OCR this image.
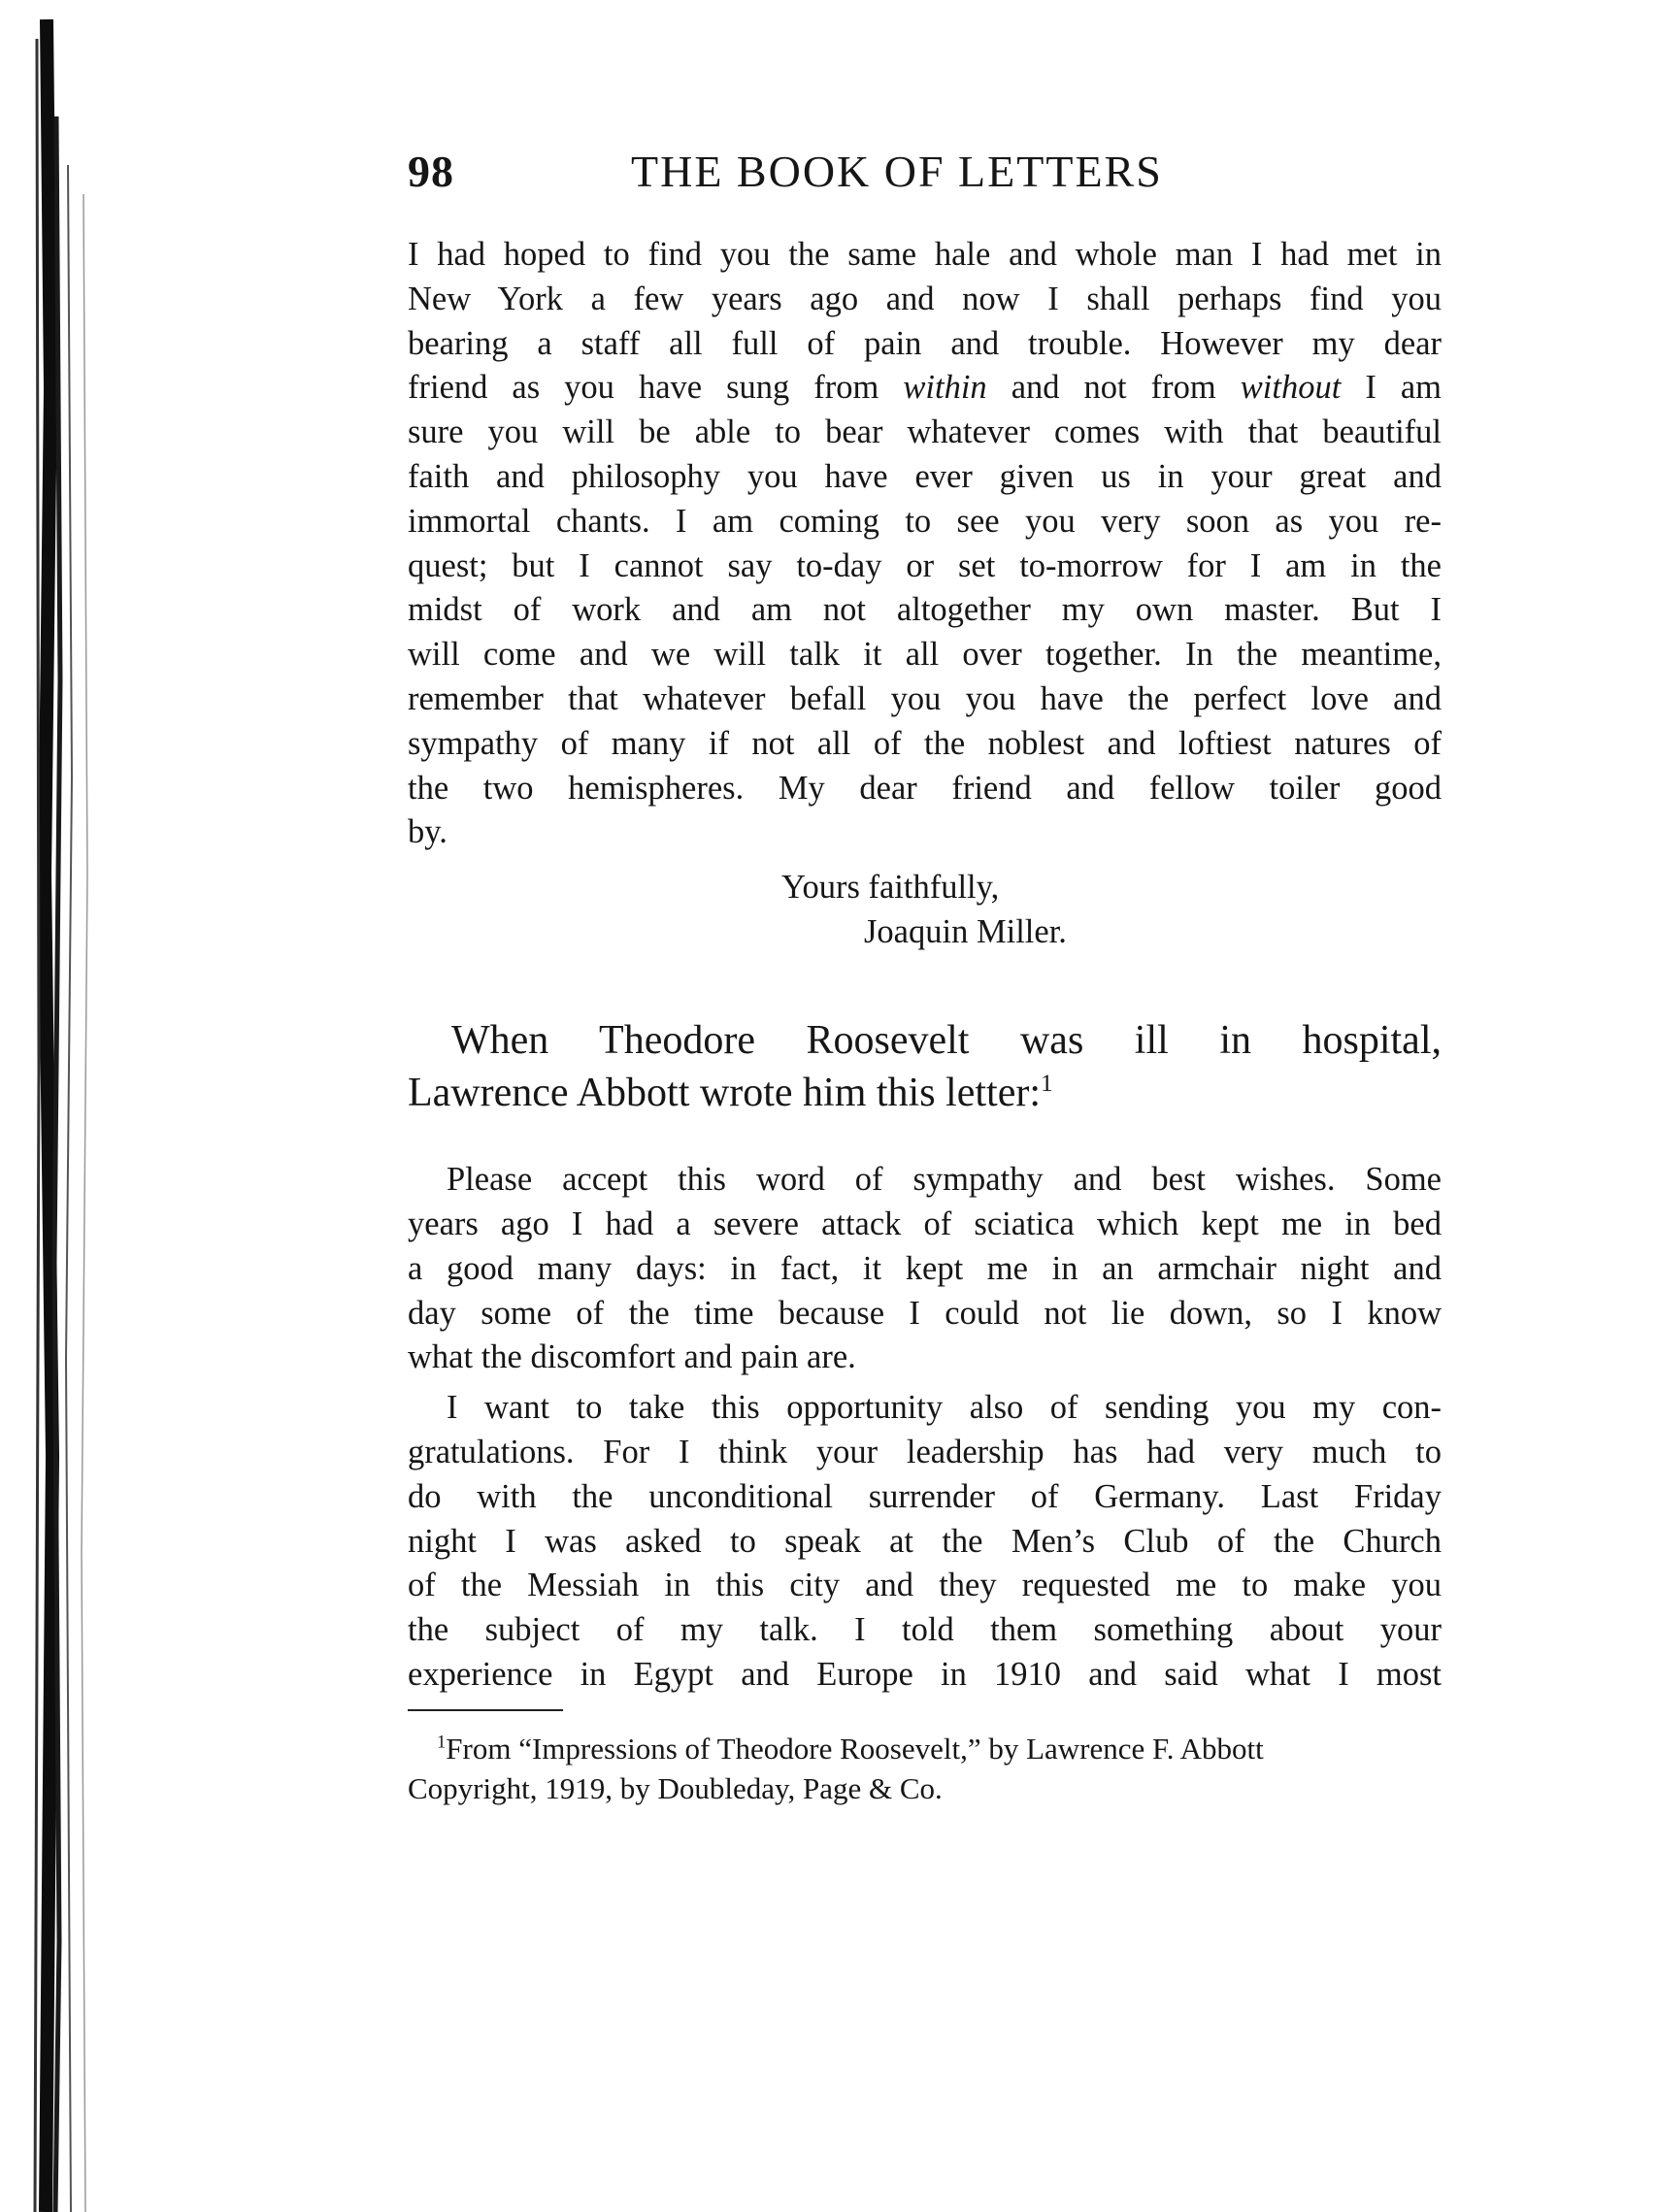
98	THE BOOK OF LETTERS
I had hoped to find you the same hale and whole man I had met in
New York a few years ago and now I shall perhaps find you
bearing a staff all full of pain and trouble. However my dear
friend as you have sung from within and not from without I am
sure you will be able to bear whatever comes with that beautiful
faith and philosophy you have ever given us in your great and
immortal chants. I am coming to see you very soon as you re-
quest; but I cannot say to-day or set to-morrow for I am in the
midst of work and am not altogether my own master. But I
will come and we will talk it all over together. In the meantime,
remember that whatever befall you you have the perfect love and
sympathy of many if not all of the noblest and loftiest natures of
the two hemispheres. My dear friend and fellow toiler good
by.
Yours faithfully,
Joaquin Miller.
When Theodore Roosevelt was ill in hospital,
Lawrence Abbott wrote him this letter:$^1$
Please accept this word of sympathy and best wishes. Some
years ago I had a severe attack of sciatica which kept me in bed
a good many days: in fact, it kept me in an armchair night and
day some of the time because I could not lie down, so I know
what the discomfort and pain are.
I want to take this opportunity also of sending you my con-
gratulations. For I think your leadership has had very much to
do with the unconditional surrender of Germany. Last Friday
night I was asked to speak at the Men’s Club of the Church
of the Messiah in this city and they requested me to make you
the subject of my talk. I told them something about your
experience in Egypt and Europe in 1910 and said what I most
$^1$From “Impressions of Theodore Roosevelt,” by Lawrence F. Abbott
Copyright, 1919, by Doubleday, Page & Co.
